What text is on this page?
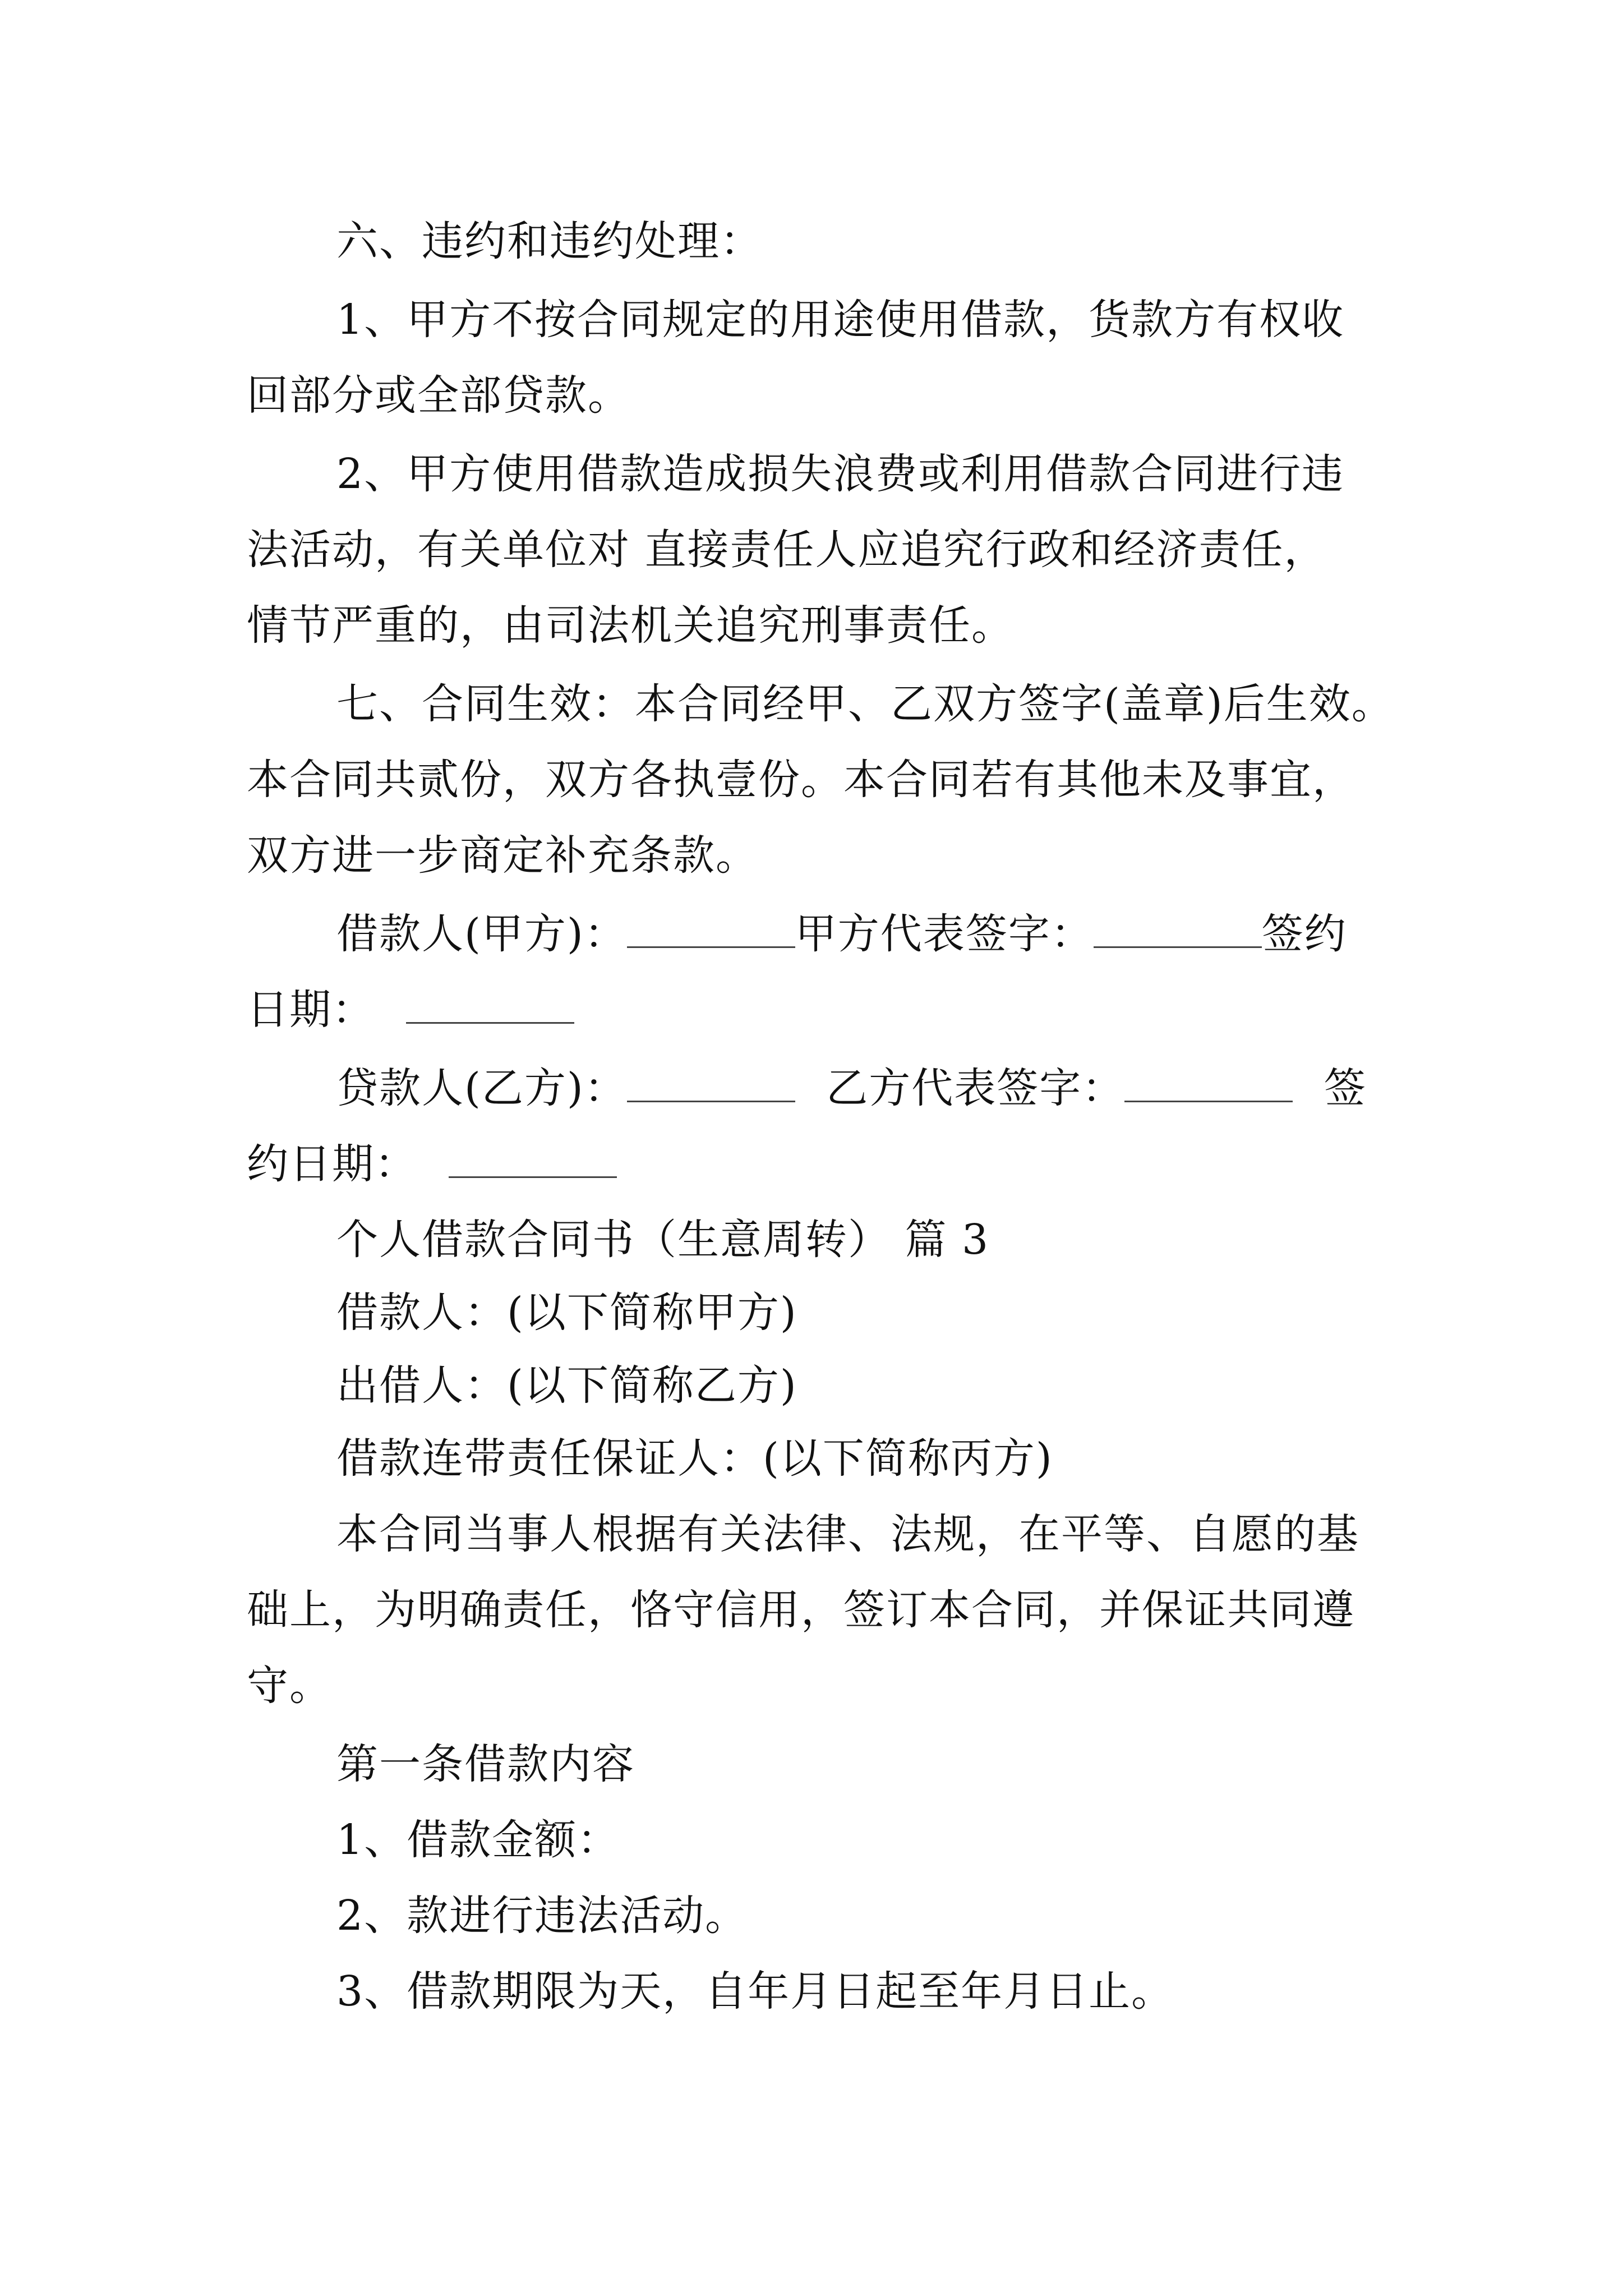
六、违约和违约处理：
1、甲方不按合同规定的用途使用借款，货款方有权收
回部分或全部贷款。
2、甲方使用借款造成损失浪费或利用借款合同进行违
法活动，有关单位对 直接责任人应追究行政和经济责任，
情节严重的，由司法机关追究刑事责任。
七、合同生效：本合同经甲、乙双方签字(盖章)后生效。
本合同共贰份，双方各执壹份。本合同若有其他未及事宜，
双方进一步商定补充条款。
借款人(甲方)：	甲方代表签字：	签约
日期：
贷款人(乙方)：	乙方代表签字：	签
约日期：
个人借款合同书（生意周转） 篇 3
借款人：(以下简称甲方)
出借人：(以下简称乙方)
借款连带责任保证人：(以下简称丙方)
本合同当事人根据有关法律、法规，在平等、自愿的基
础上，为明确责任，恪守信用，签订本合同，并保证共同遵
守。
第一条借款内容
1、借款金额：
2、款进行违法活动。
3、借款期限为天，自年月日起至年月日止。
